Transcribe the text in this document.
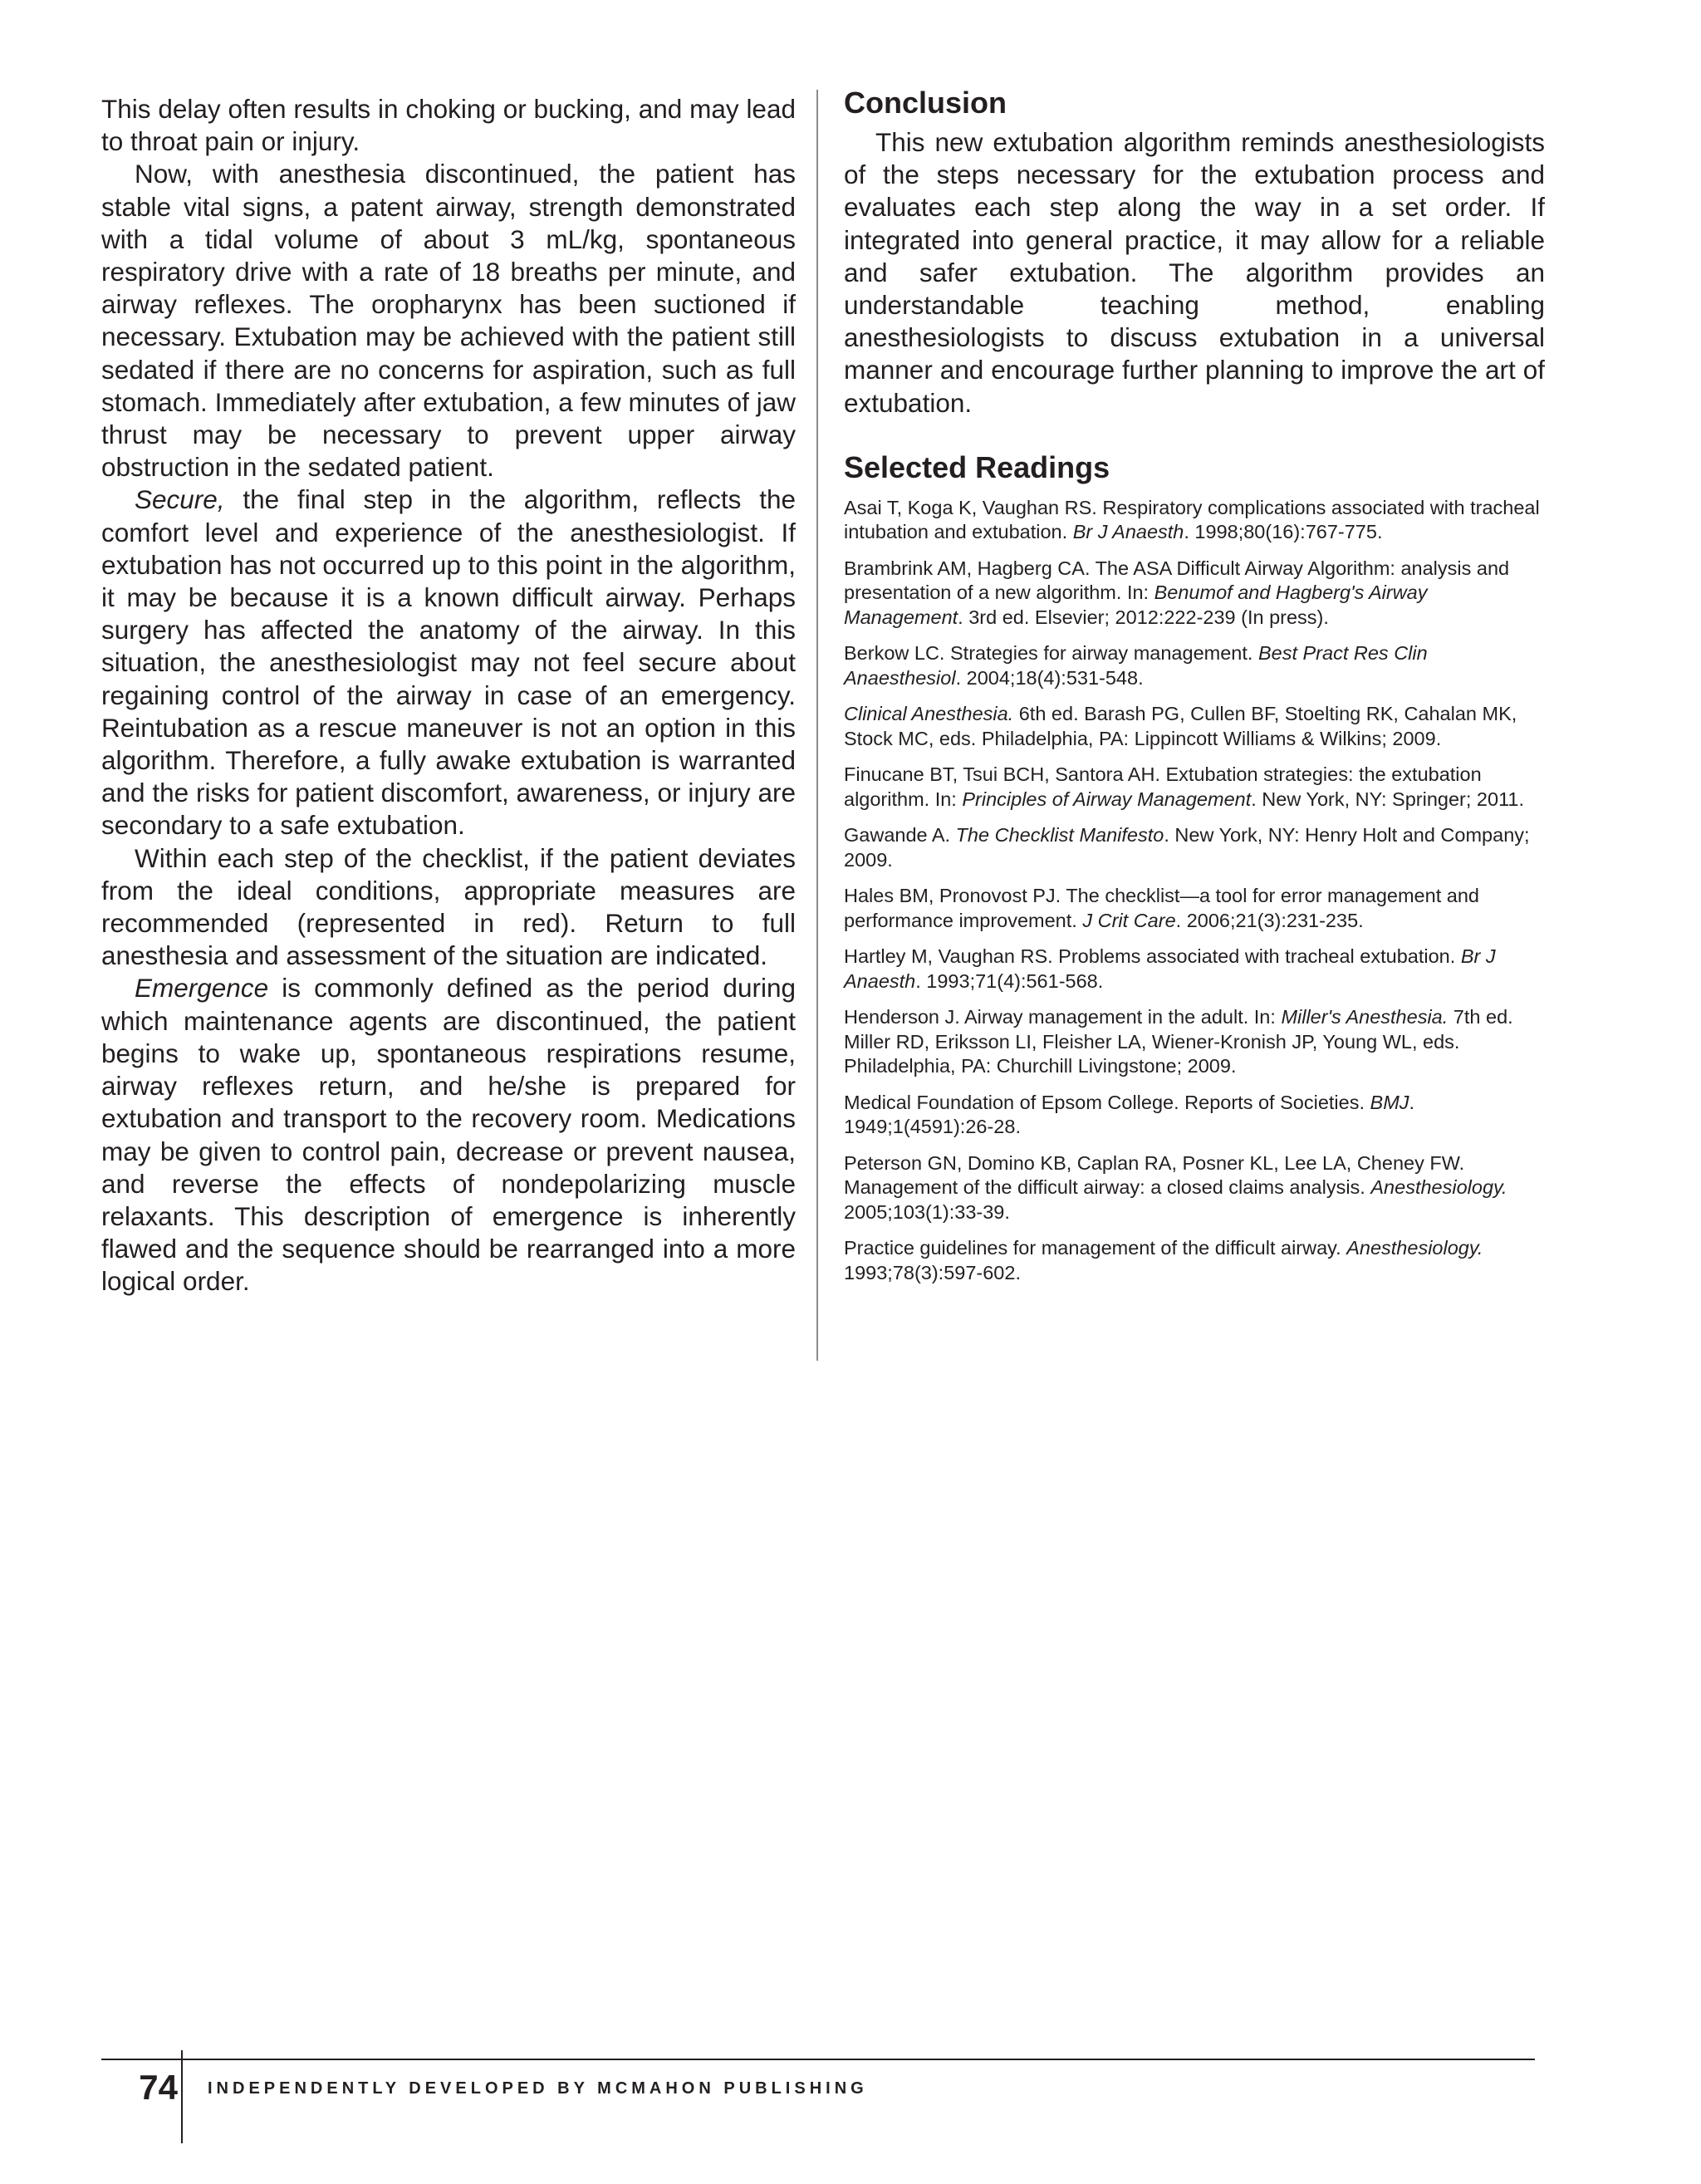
This delay often results in choking or bucking, and may lead to throat pain or injury.

Now, with anesthesia discontinued, the patient has stable vital signs, a patent airway, strength demonstrated with a tidal volume of about 3 mL/kg, spontaneous respiratory drive with a rate of 18 breaths per minute, and airway reflexes. The oropharynx has been suctioned if necessary. Extubation may be achieved with the patient still sedated if there are no concerns for aspiration, such as full stomach. Immediately after extubation, a few minutes of jaw thrust may be necessary to prevent upper airway obstruction in the sedated patient.

Secure, the final step in the algorithm, reflects the comfort level and experience of the anesthesiologist. If extubation has not occurred up to this point in the algorithm, it may be because it is a known difficult airway. Perhaps surgery has affected the anatomy of the airway. In this situation, the anesthesiologist may not feel secure about regaining control of the airway in case of an emergency. Reintubation as a rescue maneuver is not an option in this algorithm. Therefore, a fully awake extubation is warranted and the risks for patient discomfort, awareness, or injury are secondary to a safe extubation.

Within each step of the checklist, if the patient deviates from the ideal conditions, appropriate measures are recommended (represented in red). Return to full anesthesia and assessment of the situation are indicated.

Emergence is commonly defined as the period during which maintenance agents are discontinued, the patient begins to wake up, spontaneous respirations resume, airway reflexes return, and he/she is prepared for extubation and transport to the recovery room. Medications may be given to control pain, decrease or prevent nausea, and reverse the effects of nondepolarizing muscle relaxants. This description of emergence is inherently flawed and the sequence should be rearranged into a more logical order.

Conclusion

This new extubation algorithm reminds anesthesiologists of the steps necessary for the extubation process and evaluates each step along the way in a set order. If integrated into general practice, it may allow for a reliable and safer extubation. The algorithm provides an understandable teaching method, enabling anesthesiologists to discuss extubation in a universal manner and encourage further planning to improve the art of extubation.

Selected Readings

Asai T, Koga K, Vaughan RS. Respiratory complications associated with tracheal intubation and extubation. Br J Anaesth. 1998;80(16):767-775.

Brambrink AM, Hagberg CA. The ASA Difficult Airway Algorithm: analysis and presentation of a new algorithm. In: Benumof and Hagberg's Airway Management. 3rd ed. Elsevier; 2012:222-239 (In press).

Berkow LC. Strategies for airway management. Best Pract Res Clin Anaesthesiol. 2004;18(4):531-548.

Clinical Anesthesia. 6th ed. Barash PG, Cullen BF, Stoelting RK, Cahalan MK, Stock MC, eds. Philadelphia, PA: Lippincott Williams & Wilkins; 2009.

Finucane BT, Tsui BCH, Santora AH. Extubation strategies: the extubation algorithm. In: Principles of Airway Management. New York, NY: Springer; 2011.

Gawande A. The Checklist Manifesto. New York, NY: Henry Holt and Company; 2009.

Hales BM, Pronovost PJ. The checklist—a tool for error management and performance improvement. J Crit Care. 2006;21(3):231-235.

Hartley M, Vaughan RS. Problems associated with tracheal extubation. Br J Anaesth. 1993;71(4):561-568.

Henderson J. Airway management in the adult. In: Miller's Anesthesia. 7th ed. Miller RD, Eriksson LI, Fleisher LA, Wiener-Kronish JP, Young WL, eds. Philadelphia, PA: Churchill Livingstone; 2009.

Medical Foundation of Epsom College. Reports of Societies. BMJ. 1949;1(4591):26-28.

Peterson GN, Domino KB, Caplan RA, Posner KL, Lee LA, Cheney FW. Management of the difficult airway: a closed claims analysis. Anesthesiology. 2005;103(1):33-39.

Practice guidelines for management of the difficult airway. Anesthesiology. 1993;78(3):597-602.

74 INDEPENDENTLY DEVELOPED BY MCMAHON PUBLISHING
